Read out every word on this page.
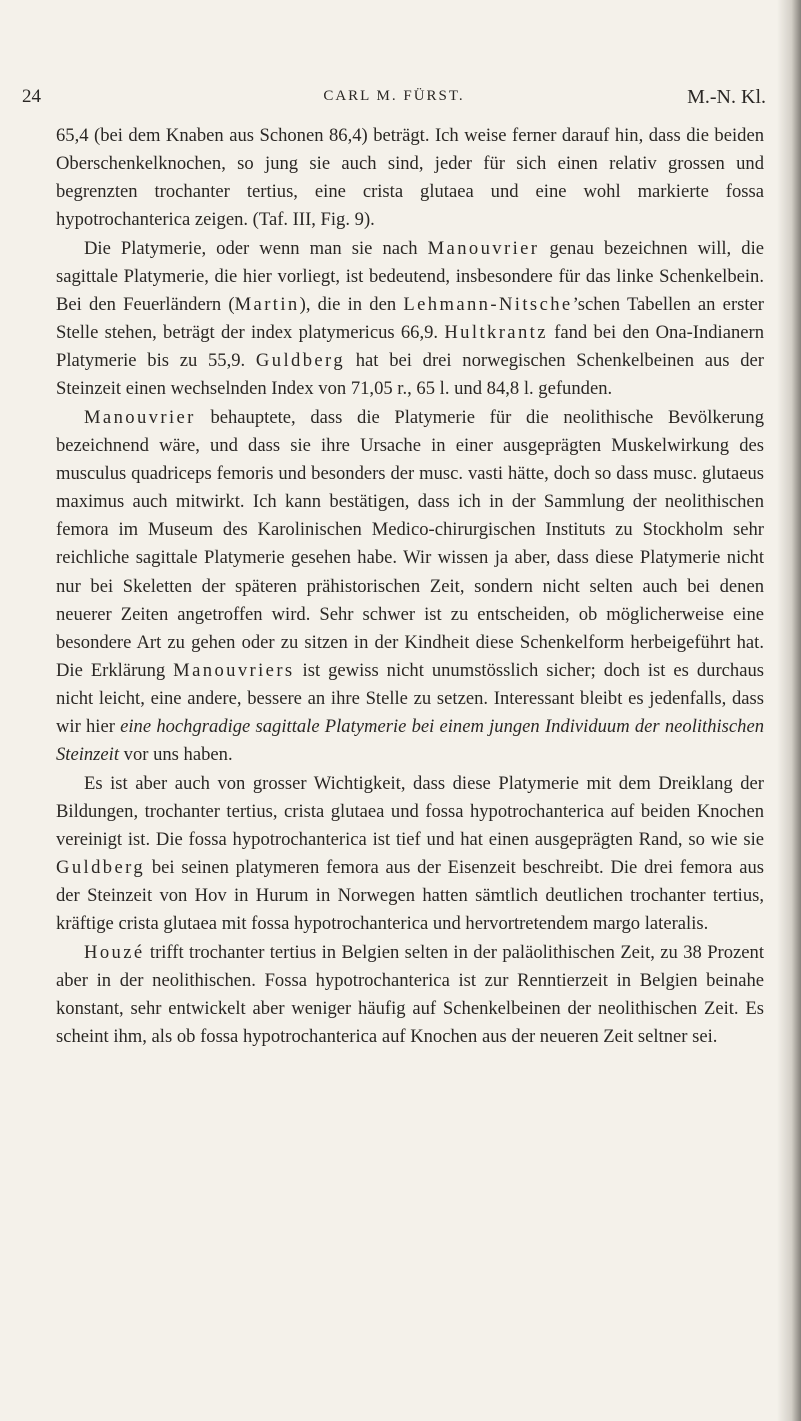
24	CARL M. FÜRST.	M.-N. Kl.

65,4 (bei dem Knaben aus Schonen 86,4) beträgt. Ich weise ferner darauf hin, dass die beiden Oberschenkelknochen, so jung sie auch sind, jeder für sich einen relativ grossen und begrenzten trochanter tertius, eine crista glutaea und eine wohl markierte fossa hypotrochanterica zeigen. (Taf. III, Fig. 9).

Die Platymerie, oder wenn man sie nach Manouvrier genau bezeichnen will, die sagittale Platymerie, die hier vorliegt, ist bedeutend, insbesondere für das linke Schenkelbein. Bei den Feuerländern (Martin), die in den Lehmann-Nitsche’schen Tabellen an erster Stelle stehen, beträgt der index platymericus 66,9. Hultkrantz fand bei den Ona-Indianern Platymerie bis zu 55,9. Guldberg hat bei drei norwegischen Schenkelbeinen aus der Steinzeit einen wechselnden Index von 71,05 r., 65 l. und 84,8 l. gefunden.

Manouvrier behauptete, dass die Platymerie für die neolithische Bevölkerung bezeichnend wäre, und dass sie ihre Ursache in einer ausgeprägten Muskelwirkung des musculus quadriceps femoris und besonders der musc. vasti hätte, doch so dass musc. glutaeus maximus auch mitwirkt. Ich kann bestätigen, dass ich in der Sammlung der neolithischen femora im Museum des Karolinischen Medico-chirurgischen Instituts zu Stockholm sehr reichliche sagittale Platymerie gesehen habe. Wir wissen ja aber, dass diese Platymerie nicht nur bei Skeletten der späteren prähistorischen Zeit, sondern nicht selten auch bei denen neuerer Zeiten angetroffen wird. Sehr schwer ist zu entscheiden, ob möglicherweise eine besondere Art zu gehen oder zu sitzen in der Kindheit diese Schenkelform herbeigeführt hat. Die Erklärung Manouvriers ist gewiss nicht unumstösslich sicher; doch ist es durchaus nicht leicht, eine andere, bessere an ihre Stelle zu setzen. Interessant bleibt es jedenfalls, dass wir hier eine hochgradige sagittale Platymerie bei einem jungen Individuum der neolithischen Steinzeit vor uns haben.

Es ist aber auch von grosser Wichtigkeit, dass diese Platymerie mit dem Dreiklang der Bildungen, trochanter tertius, crista glutaea und fossa hypotrochanterica auf beiden Knochen vereinigt ist. Die fossa hypotrochanterica ist tief und hat einen ausgeprägten Rand, so wie sie Guldberg bei seinen platymeren femora aus der Eisenzeit beschreibt. Die drei femora aus der Steinzeit von Hov in Hurum in Norwegen hatten sämtlich deutlichen trochanter tertius, kräftige crista glutaea mit fossa hypotrochanterica und hervortretendem margo lateralis.

Houzé trifft trochanter tertius in Belgien selten in der paläolithischen Zeit, zu 38 Prozent aber in der neolithischen. Fossa hypotrochanterica ist zur Renntierzeit in Belgien beinahe konstant, sehr entwickelt aber weniger häufig auf Schenkelbeinen der neolithischen Zeit. Es scheint ihm, als ob fossa hypotrochanterica auf Knochen aus der neueren Zeit seltner sei.
